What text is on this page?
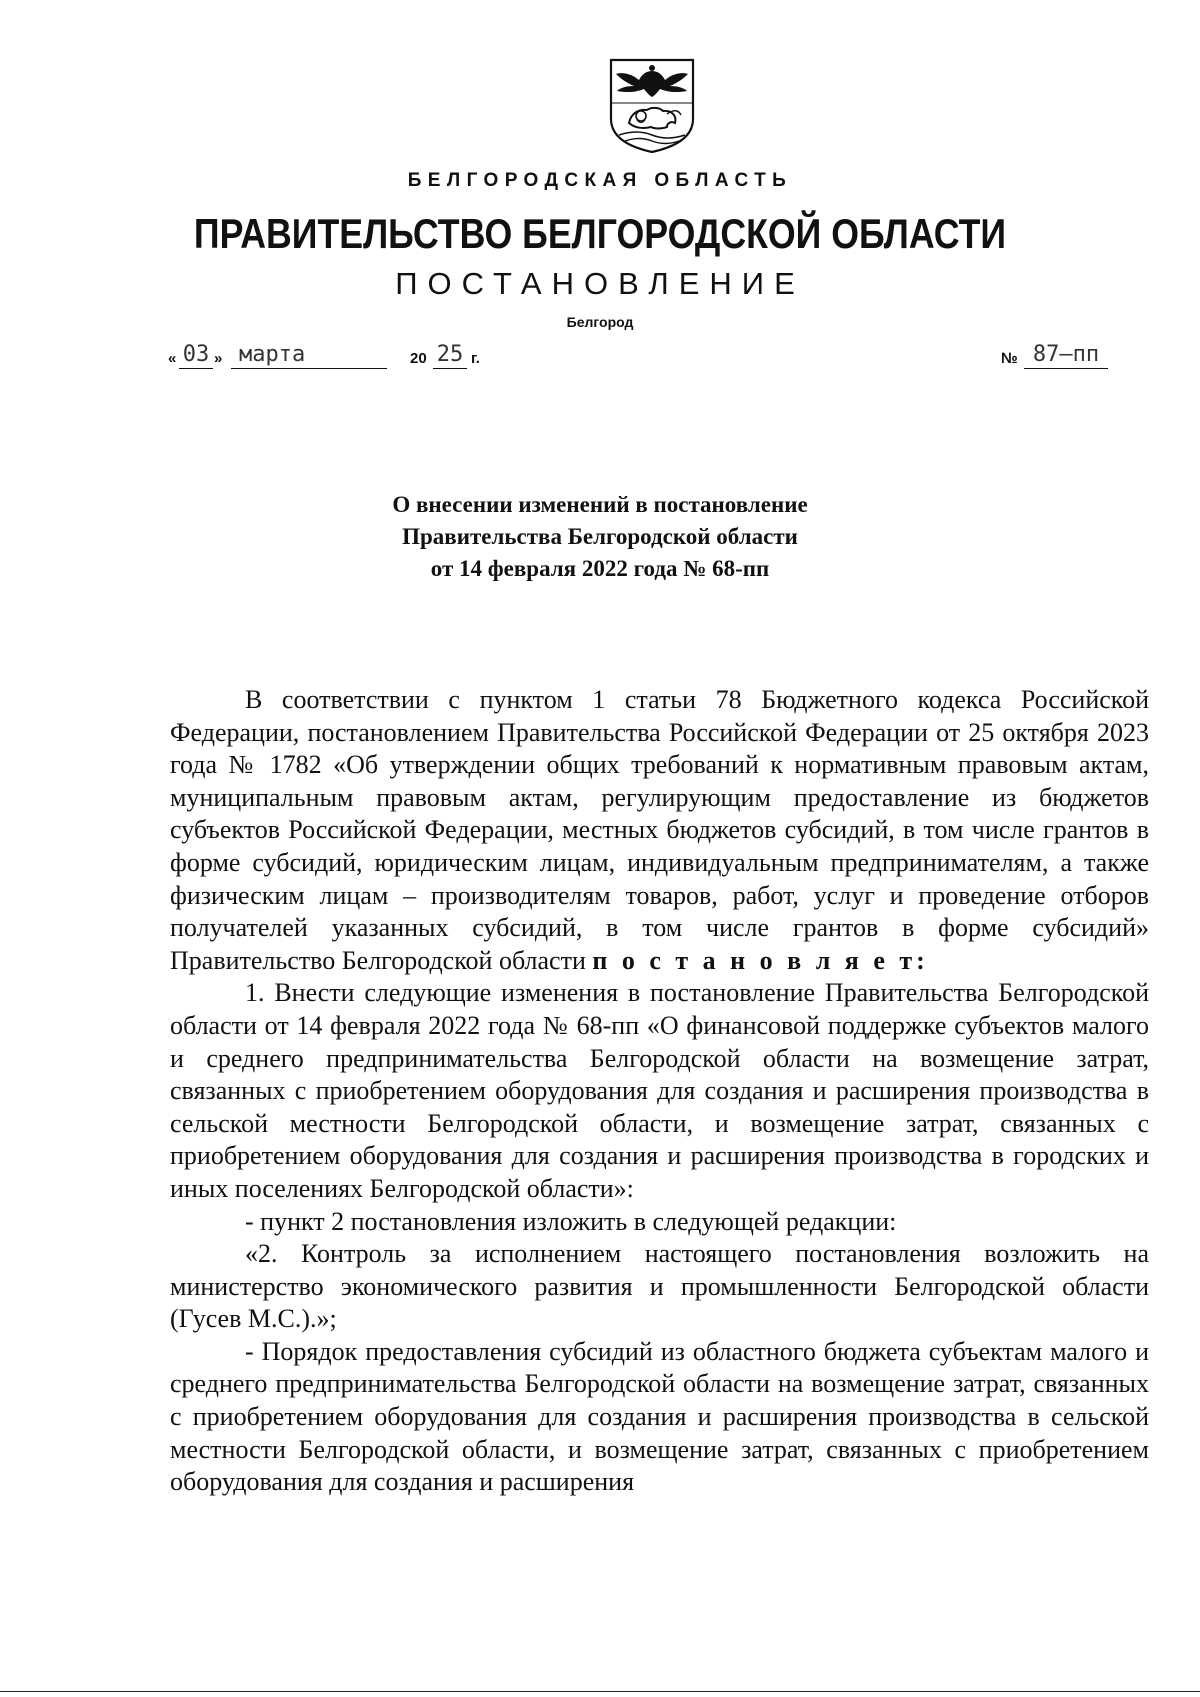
БЕЛГОРОДСКАЯ ОБЛАСТЬ
ПРАВИТЕЛЬСТВО БЕЛГОРОДСКОЙ ОБЛАСТИ
ПОСТАНОВЛЕНИЕ
Белгород
« 03 » марта	20 25 г.	№ 87–пп
О внесении изменений в постановление
Правительства Белгородской области
от 14 февраля 2022 года № 68-пп

В соответствии с пунктом 1 статьи 78 Бюджетного кодекса Российской Федерации, постановлением Правительства Российской Федерации от 25 октября 2023 года № 1782 «Об утверждении общих требований к нормативным правовым актам, муниципальным правовым актам, регулирующим предоставление из бюджетов субъектов Российской Федерации, местных бюджетов субсидий, в том числе грантов в форме субсидий, юридическим лицам, индивидуальным предпринимателям, а также физическим лицам – производителям товаров, работ, услуг и проведение отборов получателей указанных субсидий, в том числе грантов в форме субсидий» Правительство Белгородской области п о с т а н о в л я е т:

1. Внести следующие изменения в постановление Правительства Белгородской области от 14 февраля 2022 года № 68-пп «О финансовой поддержке субъектов малого и среднего предпринимательства Белгородской области на возмещение затрат, связанных с приобретением оборудования для создания и расширения производства в сельской местности Белгородской области, и возмещение затрат, связанных с приобретением оборудования для создания и расширения производства в городских и иных поселениях Белгородской области»:

- пункт 2 постановления изложить в следующей редакции:

«2. Контроль за исполнением настоящего постановления возложить на министерство экономического развития и промышленности Белгородской области (Гусев М.С.).»;

- Порядок предоставления субсидий из областного бюджета субъектам малого и среднего предпринимательства Белгородской области на возмещение затрат, связанных с приобретением оборудования для создания и расширения производства в сельской местности Белгородской области, и возмещение затрат, связанных с приобретением оборудования для создания и расширения
